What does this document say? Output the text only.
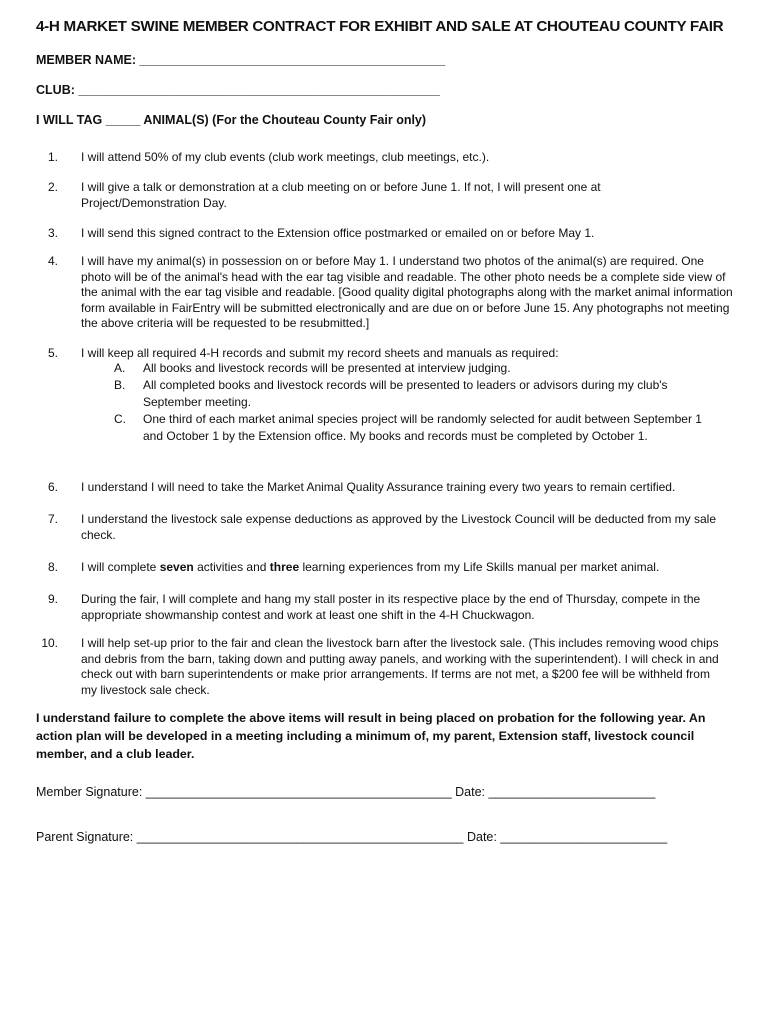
4-H MARKET SWINE MEMBER CONTRACT FOR EXHIBIT AND SALE AT CHOUTEAU COUNTY FAIR
MEMBER NAME: ____________________________________________
CLUB: ____________________________________________________
I WILL TAG _____ ANIMAL(S) (For the Chouteau County Fair only)
1. I will attend 50% of my club events (club work meetings, club meetings, etc.).
2. I will give a talk or demonstration at a club meeting on or before June 1. If not, I will present one at Project/Demonstration Day.
3. I will send this signed contract to the Extension office postmarked or emailed on or before May 1.
4. I will have my animal(s) in possession on or before May 1. I understand two photos of the animal(s) are required. One photo will be of the animal's head with the ear tag visible and readable. The other photo needs be a complete side view of the animal with the ear tag visible and readable. [Good quality digital photographs along with the market animal information form available in FairEntry will be submitted electronically and are due on or before June 15. Any photographs not meeting the above criteria will be requested to be resubmitted.]
5. I will keep all required 4-H records and submit my record sheets and manuals as required:
A. All books and livestock records will be presented at interview judging.
B. All completed books and livestock records will be presented to leaders or advisors during my club's September meeting.
C. One third of each market animal species project will be randomly selected for audit between September 1 and October 1 by the Extension office. My books and records must be completed by October 1.
6. I understand I will need to take the Market Animal Quality Assurance training every two years to remain certified.
7. I understand the livestock sale expense deductions as approved by the Livestock Council will be deducted from my sale check.
8. I will complete seven activities and three learning experiences from my Life Skills manual per market animal.
9. During the fair, I will complete and hang my stall poster in its respective place by the end of Thursday, compete in the appropriate showmanship contest and work at least one shift in the 4-H Chuckwagon.
10. I will help set-up prior to the fair and clean the livestock barn after the livestock sale. (This includes removing wood chips and debris from the barn, taking down and putting away panels, and working with the superintendent). I will check in and check out with barn superintendents or make prior arrangements. If terms are not met, a $200 fee will be withheld from my livestock sale check.
I understand failure to complete the above items will result in being placed on probation for the following year. An action plan will be developed in a meeting including a minimum of, my parent, Extension staff, livestock council member, and a club leader.
Member Signature: ____________________________________________ Date: ________________________
Parent Signature: _______________________________________________ Date: ________________________
